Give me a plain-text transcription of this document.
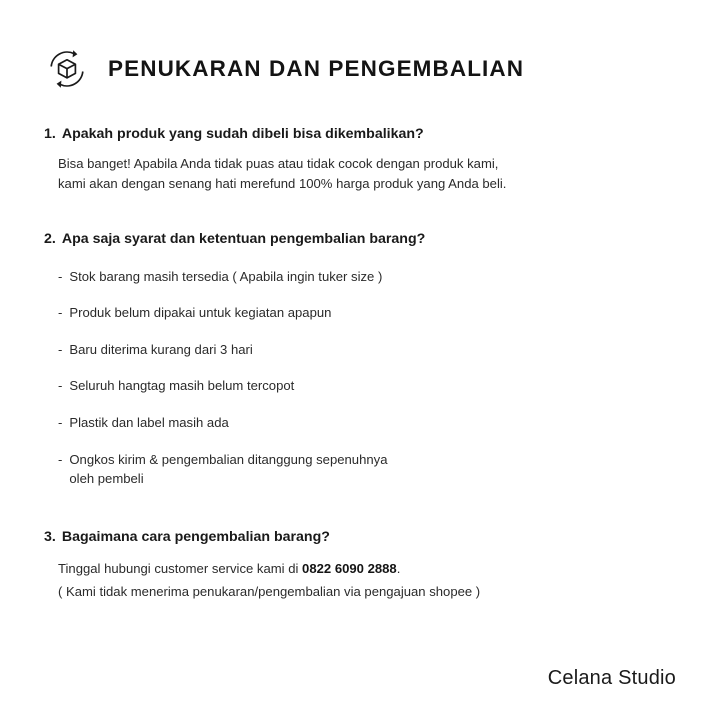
PENUKARAN DAN PENGEMBALIAN
1. Apakah produk yang sudah dibeli bisa dikembalikan?
Bisa banget! Apabila Anda tidak puas atau tidak cocok dengan produk kami,
kami akan dengan senang hati merefund 100% harga produk yang Anda beli.
2. Apa saja syarat dan ketentuan pengembalian barang?
- Stok barang masih tersedia ( Apabila ingin tuker size )
- Produk belum dipakai untuk kegiatan apapun
- Baru diterima kurang dari 3 hari
- Seluruh hangtag masih belum tercopot
- Plastik dan label masih ada
- Ongkos kirim & pengembalian ditanggung sepenuhnya
oleh pembeli
3. Bagaimana cara pengembalian barang?
Tinggal hubungi customer service kami di 0822 6090 2888.
( Kami tidak menerima penukaran/pengembalian via pengajuan shopee )
Celana Studio
